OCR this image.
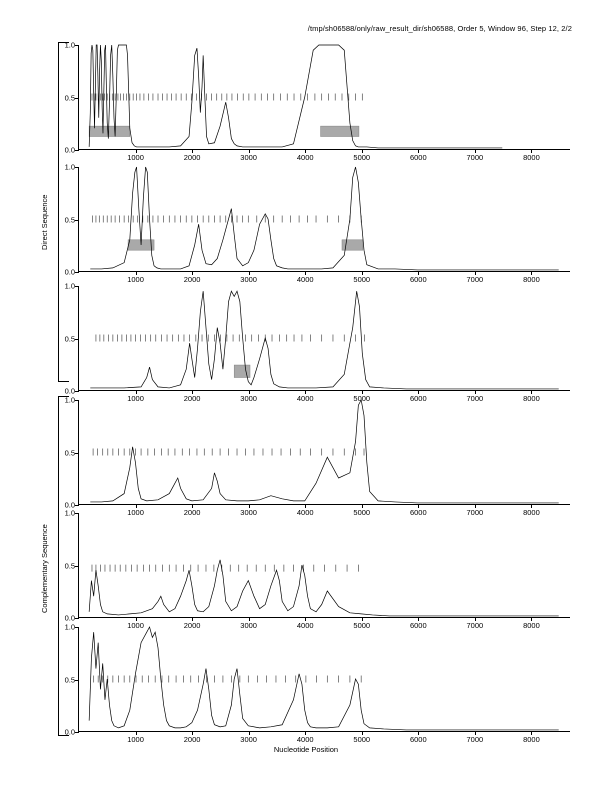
/tmp/sh06588/only/raw_result_dir/sh06588, Order 5, Window 96, Step 12, 2/2
Direct Sequence
Complementary Sequence
Nucleotide Position
0.0
0.5
1.0
1000	2000	3000	4000	5000	6000	7000	8000
0.0
0.5
1.0
1000	2000	3000	4000	5000	6000	7000	8000
0.0
0.5
1.0
1000	2000	3000	4000	5000	6000	7000	8000
0.0
0.5
1.0
1000	2000	3000	4000	5000	6000	7000	8000
0.0
0.5
1.0
1000	2000	3000	4000	5000	6000	7000	8000
0.0
0.5
1.0
1000	2000	3000	4000	5000	6000	7000	8000
